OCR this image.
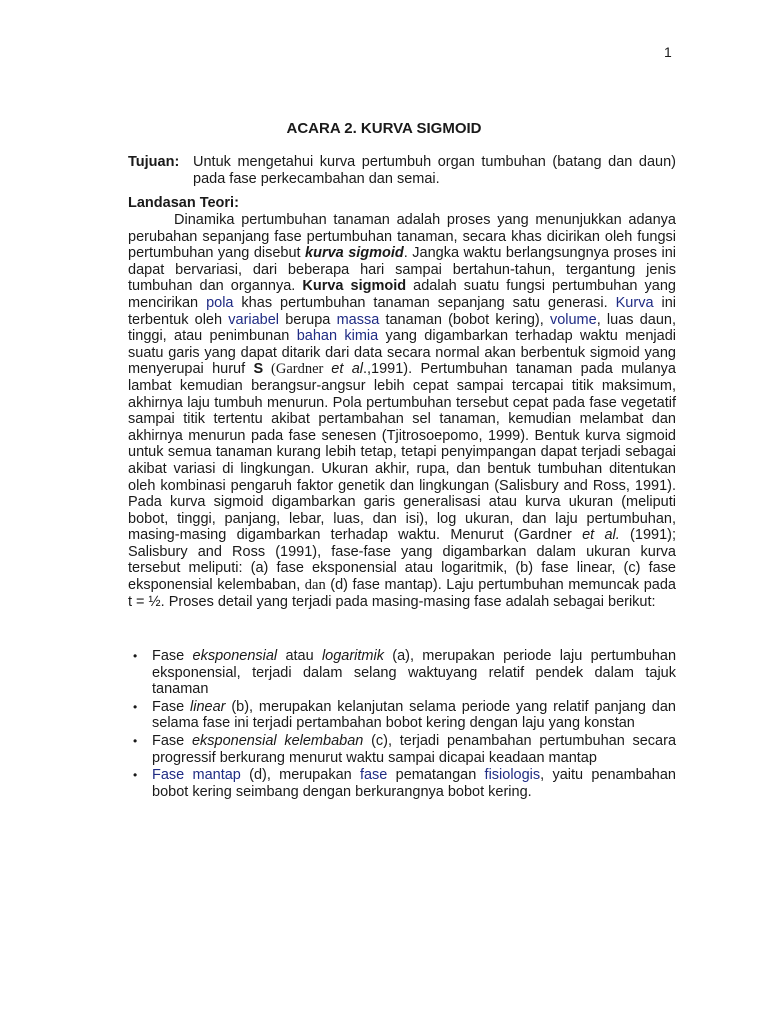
1
ACARA 2. KURVA SIGMOID
Tujuan: Untuk mengetahui kurva pertumbuh organ tumbuhan (batang dan daun) pada fase perkecambahan dan semai.
Landasan Teori:
Dinamika pertumbuhan tanaman adalah proses yang menunjukkan adanya perubahan sepanjang fase pertumbuhan tanaman, secara khas dicirikan oleh fungsi pertumbuhan yang disebut kurva sigmoid. Jangka waktu berlangsungnya proses ini dapat bervariasi, dari beberapa hari sampai bertahun-tahun, tergantung jenis tumbuhan dan organnya. Kurva sigmoid adalah suatu fungsi pertumbuhan yang mencirikan pola khas pertumbuhan tanaman sepanjang satu generasi. Kurva ini terbentuk oleh variabel berupa massa tanaman (bobot kering), volume, luas daun, tinggi, atau penimbunan bahan kimia yang digambarkan terhadap waktu menjadi suatu garis yang dapat ditarik dari data secara normal akan berbentuk sigmoid yang menyerupai huruf S (Gardner et al.,1991). Pertumbuhan tanaman pada mulanya lambat kemudian berangsur-angsur lebih cepat sampai tercapai titik maksimum, akhirnya laju tumbuh menurun. Pola pertumbuhan tersebut cepat pada fase vegetatif sampai titik tertentu akibat pertambahan sel tanaman, kemudian melambat dan akhirnya menurun pada fase senesen (Tjitrosoepomo, 1999). Bentuk kurva sigmoid untuk semua tanaman kurang lebih tetap, tetapi penyimpangan dapat terjadi sebagai akibat variasi di lingkungan. Ukuran akhir, rupa, dan bentuk tumbuhan ditentukan oleh kombinasi pengaruh faktor genetik dan lingkungan (Salisbury and Ross, 1991). Pada kurva sigmoid digambarkan garis generalisasi atau kurva ukuran (meliputi bobot, tinggi, panjang, lebar, luas, dan isi), log ukuran, dan laju pertumbuhan, masing-masing digambarkan terhadap waktu. Menurut (Gardner et al. (1991); Salisbury and Ross (1991), fase-fase yang digambarkan dalam ukuran kurva tersebut meliputi: (a) fase eksponensial atau logaritmik, (b) fase linear, (c) fase eksponensial kelembaban, dan (d) fase mantap). Laju pertumbuhan memuncak pada t = ½. Proses detail yang terjadi pada masing-masing fase adalah sebagai berikut:
• Fase eksponensial atau logaritmik (a), merupakan periode laju pertumbuhan eksponensial, terjadi dalam selang waktuyang relatif pendek dalam tajuk tanaman
• Fase linear (b), merupakan kelanjutan selama periode yang relatif panjang dan selama fase ini terjadi pertambahan bobot kering dengan laju yang konstan
• Fase eksponensial kelembaban (c), terjadi penambahan pertumbuhan secara progressif berkurang menurut waktu sampai dicapai keadaan mantap
• Fase mantap (d), merupakan fase pematangan fisiologis, yaitu penambahan bobot kering seimbang dengan berkurangnya bobot kering.
